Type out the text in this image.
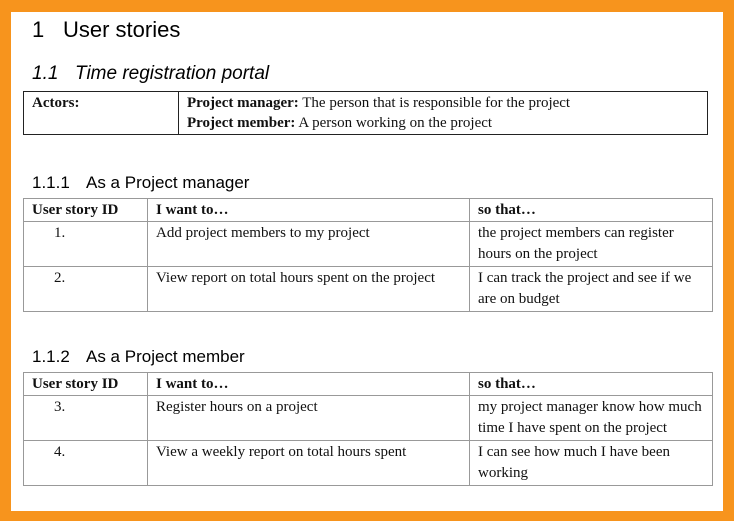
1 User stories
1.1 Time registration portal
Actors:	Project manager: The person that is responsible for the project
Project member: A person working on the project
1.1.1 As a Project manager
User story ID	I want to…	so that…
1.	Add project members to my project	the project members can register hours on the project
2.	View report on total hours spent on the project	I can track the project and see if we are on budget
1.1.2 As a Project member
User story ID	I want to…	so that…
3.	Register hours on a project	my project manager know how much time I have spent on the project
4.	View a weekly report on total hours spent	I can see how much I have been working
